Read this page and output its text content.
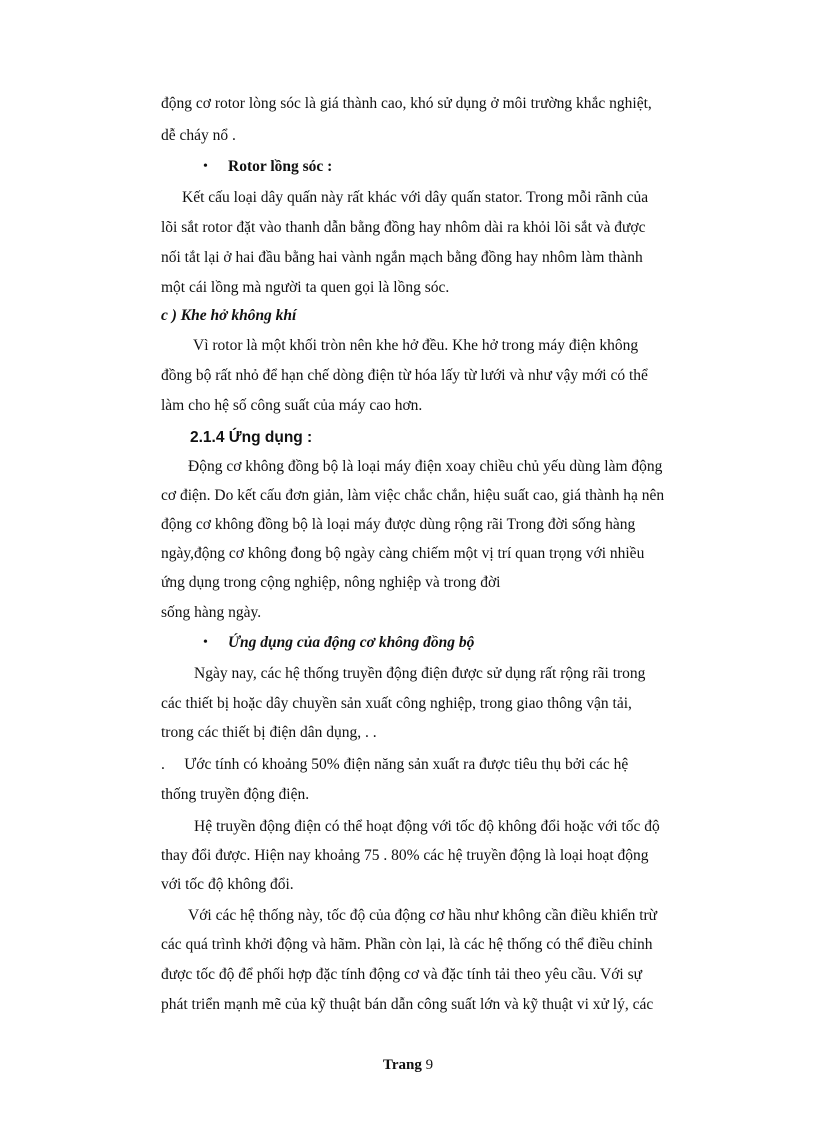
động cơ rotor lòng sóc là giá thành cao, khó sử dụng ở môi trường khắc nghiệt,
dễ cháy nổ .
• Rotor lồng sóc :
Kết cấu loại dây quấn này rất khác với dây quấn stator. Trong mỗi rãnh của
lõi sắt rotor đặt vào thanh dẫn bằng đồng hay nhôm dài ra khỏi lõi sắt và được
nối tắt lại ở hai đầu bằng hai vành ngắn mạch bằng đồng hay nhôm làm thành
một cái lồng mà người ta quen gọi là lồng sóc.
c ) Khe hở không khí
Vì rotor là một khối tròn nên khe hở đều. Khe hở trong máy điện không
đồng bộ rất nhỏ để hạn chế dòng điện từ hóa lấy từ lưới và như vậy mới có thể
làm cho hệ số công suất của máy cao hơn.
2.1.4 Ứng dụng :
Động cơ không đồng bộ là loại máy điện xoay chiều chủ yếu dùng làm động
cơ điện. Do kết cấu đơn giản, làm việc chắc chắn, hiệu suất cao, giá thành hạ nên
động cơ không đồng bộ là loại máy được dùng rộng rãi Trong đời sống hàng
ngày,động cơ không đong bộ ngày càng chiếm một vị trí quan trọng với nhiều
ứng dụng trong cộng nghiệp, nông nghiệp và trong đời
sống hàng ngày.
• Ứng dụng của động cơ không đồng bộ
Ngày nay, các hệ thống truyền động điện được sử dụng rất rộng rãi trong
các thiết bị hoặc dây chuyền sản xuất công nghiệp, trong giao thông vận tải,
trong các thiết bị điện dân dụng, . .
.     Ước tính có khoảng 50% điện năng sản xuất ra được tiêu thụ bởi các hệ
thống truyền động điện.
Hệ truyền động điện có thể hoạt động với tốc độ không đổi hoặc với tốc độ
thay đổi được. Hiện nay khoảng 75 . 80% các hệ truyền động là loại hoạt động
với tốc độ không đổi.
Với các hệ thống này, tốc độ của động cơ hầu như không cần điều khiển trừ
các quá trình khởi động và hãm. Phần còn lại, là các hệ thống có thể điều chỉnh
được tốc độ để phối hợp đặc tính động cơ và đặc tính tải theo yêu cầu. Với sự
phát triển mạnh mẽ của kỹ thuật bán dẫn công suất lớn và kỹ thuật vi xử lý, các
Trang 9
